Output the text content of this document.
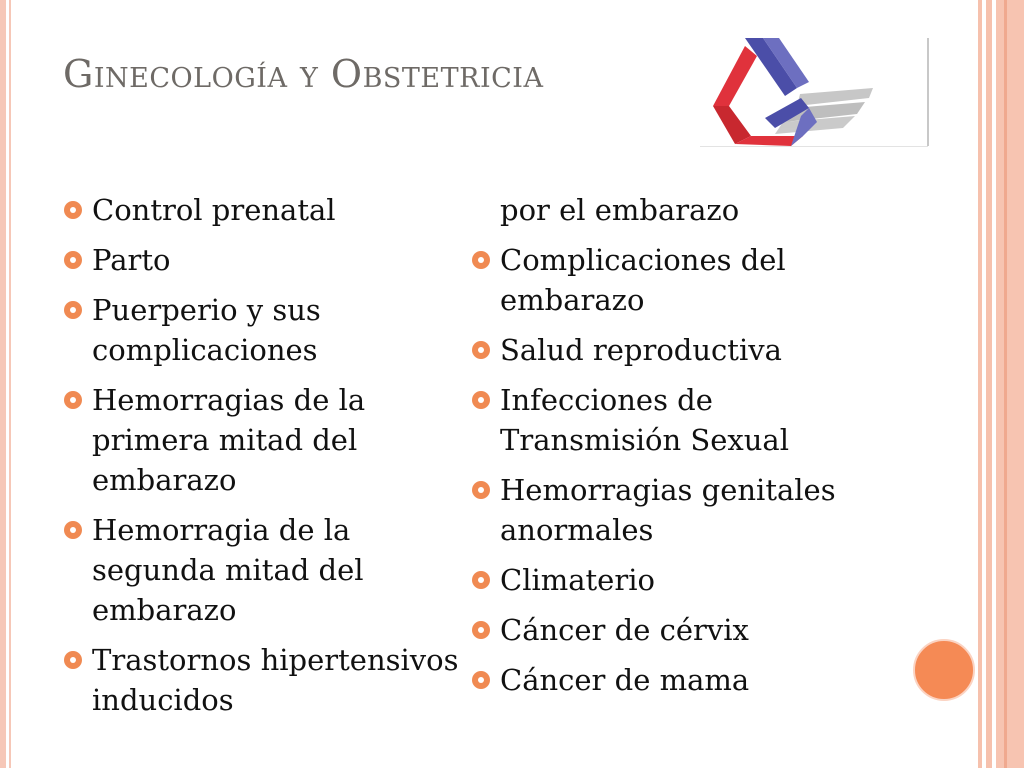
Ginecología y Obstetricia
Control prenatal
Parto
Puerperio y sus complicaciones
Hemorragias de la primera mitad del embarazo
Hemorragia de la segunda mitad del embarazo
Trastornos hipertensivos inducidos
por el embarazo
Complicaciones del embarazo
Salud reproductiva
Infecciones de Transmisión Sexual
Hemorragias genitales anormales
Climaterio
Cáncer de cérvix
Cáncer de mama
